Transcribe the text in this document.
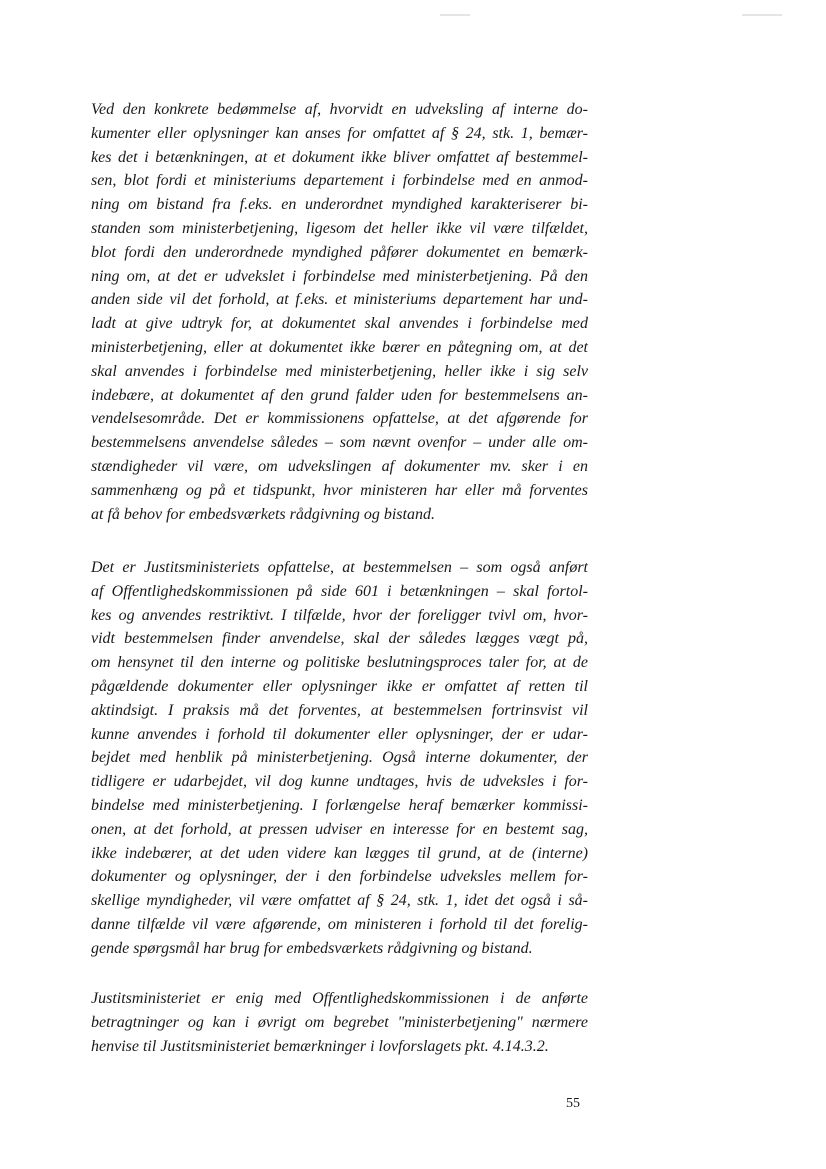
Ved den konkrete bedømmelse af, hvorvidt en udveksling af interne do-
kumenter eller oplysninger kan anses for omfattet af § 24, stk. 1, bemær-
kes det i betænkningen, at et dokument ikke bliver omfattet af bestemmel-
sen, blot fordi et ministeriums departement i forbindelse med en anmod-
ning om bistand fra f.eks. en underordnet myndighed karakteriserer bi-
standen som ministerbetjening, ligesom det heller ikke vil være tilfældet,
blot fordi den underordnede myndighed påfører dokumentet en bemærk-
ning om, at det er udvekslet i forbindelse med ministerbetjening. På den
anden side vil det forhold, at f.eks. et ministeriums departement har und-
ladt at give udtryk for, at dokumentet skal anvendes i forbindelse med
ministerbetjening, eller at dokumentet ikke bærer en påtegning om, at det
skal anvendes i forbindelse med ministerbetjening, heller ikke i sig selv
indebære, at dokumentet af den grund falder uden for bestemmelsens an-
vendelsesområde. Det er kommissionens opfattelse, at det afgørende for
bestemmelsens anvendelse således – som nævnt ovenfor – under alle om-
stændigheder vil være, om udvekslingen af dokumenter mv. sker i en
sammenhæng og på et tidspunkt, hvor ministeren har eller må forventes
at få behov for embedsværkets rådgivning og bistand.

Det er Justitsministeriets opfattelse, at bestemmelsen – som også anført
af Offentlighedskommissionen på side 601 i betænkningen – skal fortol-
kes og anvendes restriktivt. I tilfælde, hvor der foreligger tvivl om, hvor-
vidt bestemmelsen finder anvendelse, skal der således lægges vægt på,
om hensynet til den interne og politiske beslutningsproces taler for, at de
pågældende dokumenter eller oplysninger ikke er omfattet af retten til
aktindsigt. I praksis må det forventes, at bestemmelsen fortrinsvist vil
kunne anvendes i forhold til dokumenter eller oplysninger, der er udar-
bejdet med henblik på ministerbetjening. Også interne dokumenter, der
tidligere er udarbejdet, vil dog kunne undtages, hvis de udveksles i for-
bindelse med ministerbetjening. I forlængelse heraf bemærker kommissi-
onen, at det forhold, at pressen udviser en interesse for en bestemt sag,
ikke indebærer, at det uden videre kan lægges til grund, at de (interne)
dokumenter og oplysninger, der i den forbindelse udveksles mellem for-
skellige myndigheder, vil være omfattet af § 24, stk. 1, idet det også i så-
danne tilfælde vil være afgørende, om ministeren i forhold til det forelig-
gende spørgsmål har brug for embedsværkets rådgivning og bistand.

Justitsministeriet er enig med Offentlighedskommissionen i de anførte
betragtninger og kan i øvrigt om begrebet "ministerbetjening" nærmere
henvise til Justitsministeriet bemærkninger i lovforslagets pkt. 4.14.3.2.

55
